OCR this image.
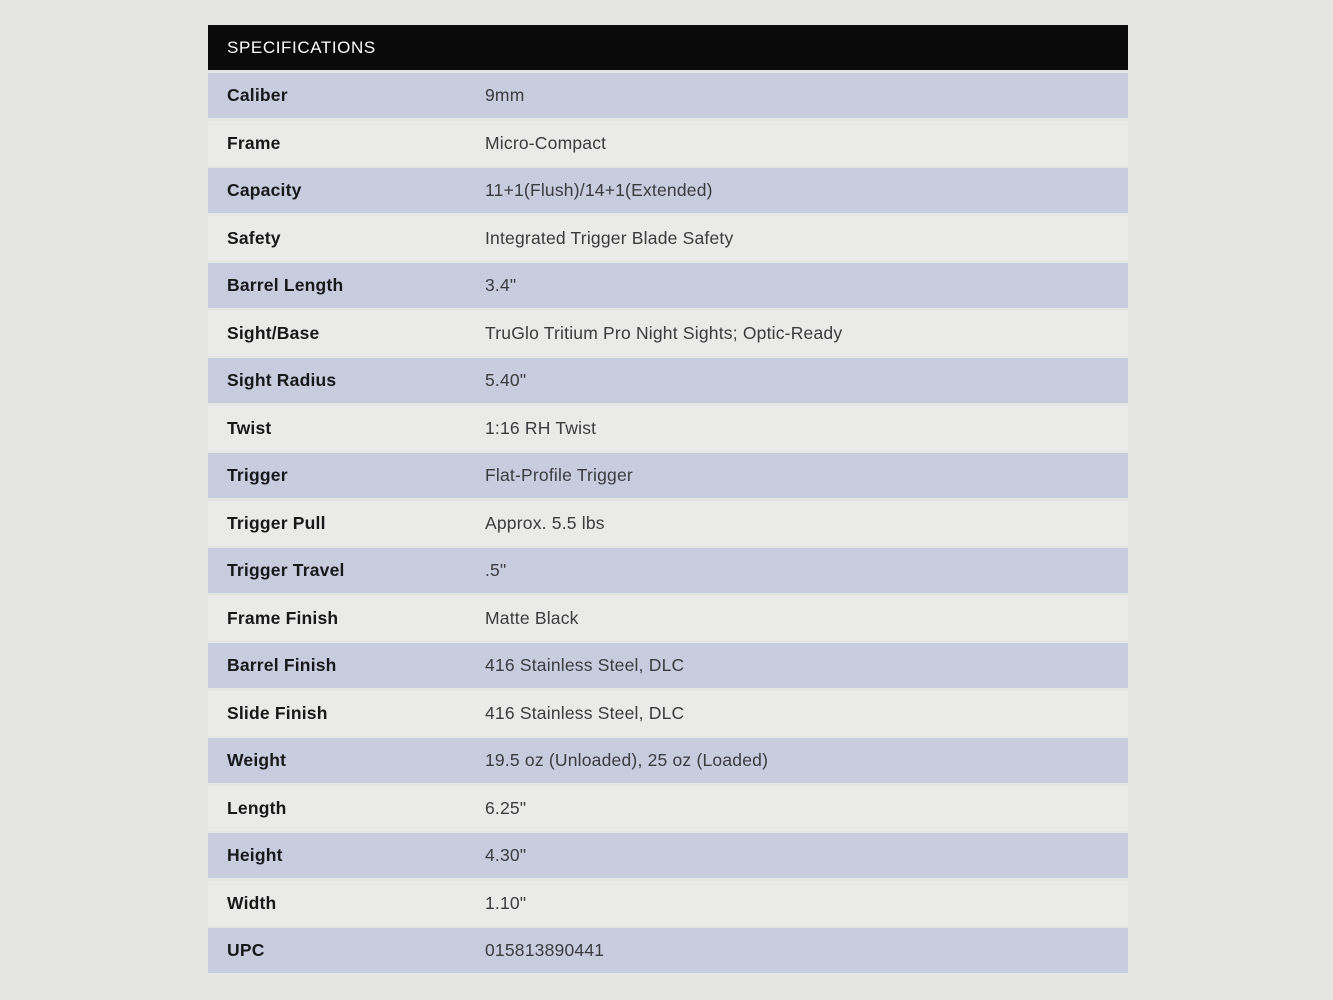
SPECIFICATIONS
Caliber	9mm
Frame	Micro-Compact
Capacity	11+1(Flush)/14+1(Extended)
Safety	Integrated Trigger Blade Safety
Barrel Length	3.4"
Sight/Base	TruGlo Tritium Pro Night Sights; Optic-Ready
Sight Radius	5.40"
Twist	1:16 RH Twist
Trigger	Flat-Profile Trigger
Trigger Pull	Approx. 5.5 lbs
Trigger Travel	.5"
Frame Finish	Matte Black
Barrel Finish	416 Stainless Steel, DLC
Slide Finish	416 Stainless Steel, DLC
Weight	19.5 oz (Unloaded), 25 oz (Loaded)
Length	6.25"
Height	4.30"
Width	1.10"
UPC	015813890441
